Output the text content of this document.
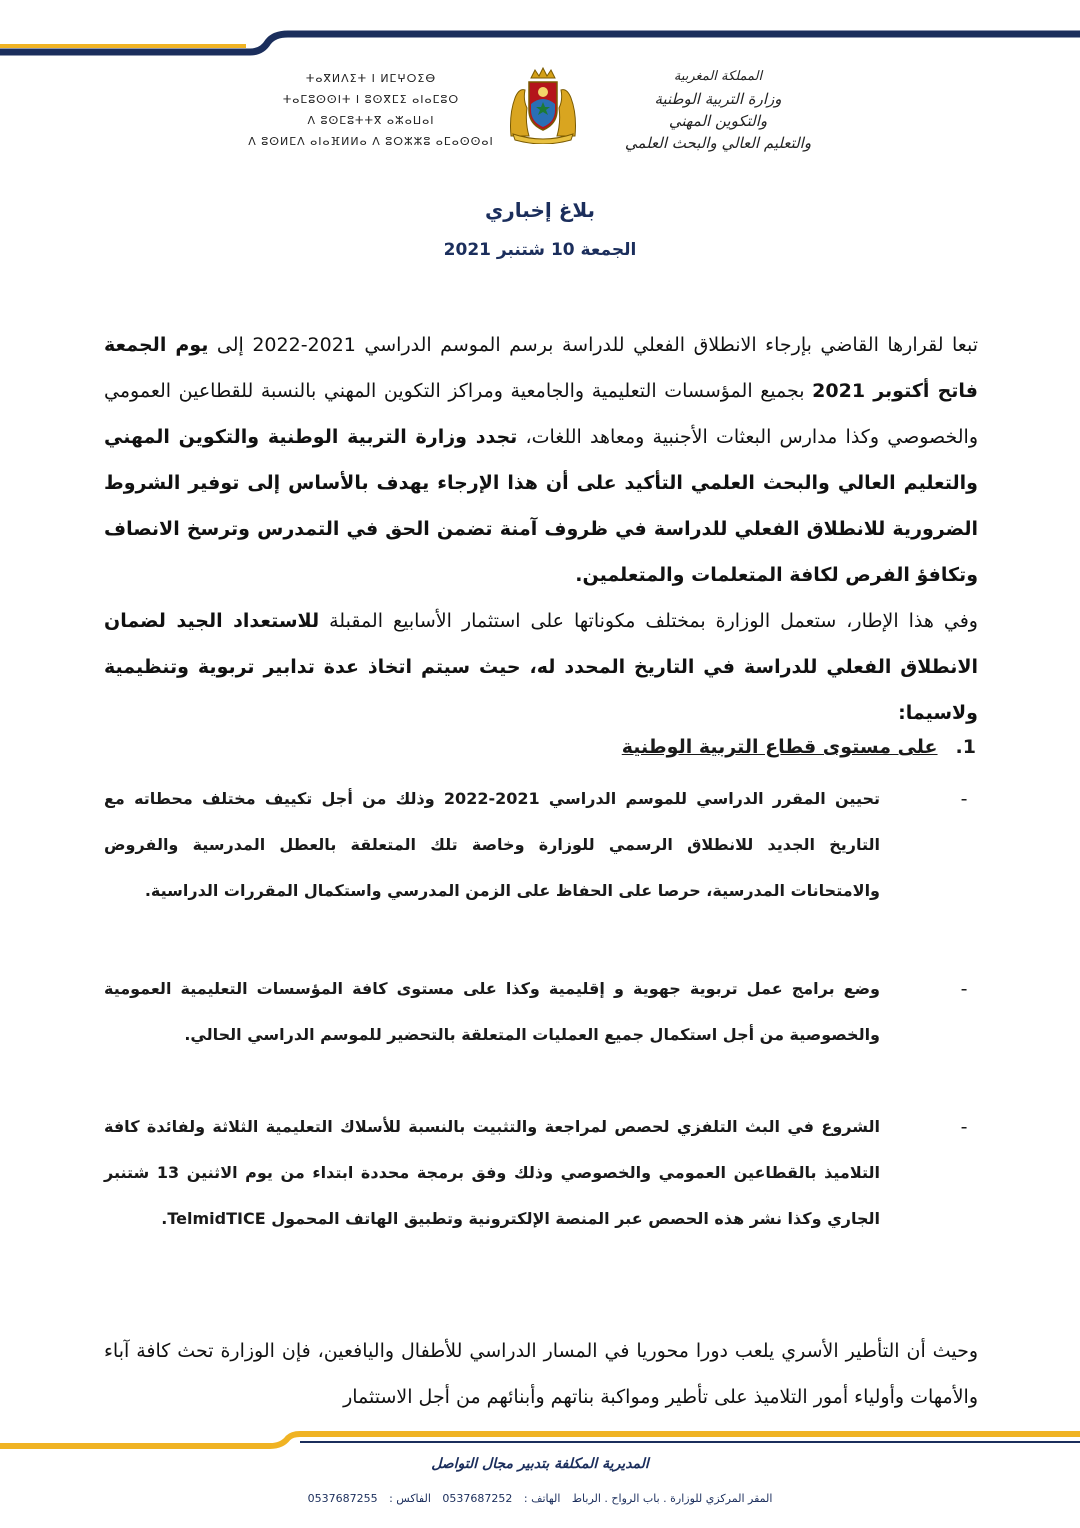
المملكة المغربية
وزارة التربية الوطنية
والتكوين المهني
والتعليم العالي والبحث العلمي
ⵜⴰⴳⵍⴷⵉⵜ ⵏ ⵍⵎⵖⵔⵉⴱ
ⵜⴰⵎⵓⵙⵙⵏⵜ ⵏ ⵓⵙⴳⵎⵉ ⴰⵏⴰⵎⵓⵔ
ⴷ ⵓⵙⵎⵓⵜⵜⴳ ⴰⵣⴰⵡⴰⵏ
ⴷ ⵓⵙⵍⵎⴷ ⴰⵏⴰⴼⵍⵍⴰ ⴷ ⵓⵔⵣⵣⵓ ⴰⵎⴰⵙⵙⴰⵏ
بلاغ إخباري
الجمعة 10 شتنبر 2021

تبعا لقرارها القاضي بإرجاء الانطلاق الفعلي للدراسة برسم الموسم الدراسي 2021-2022 إلى يوم الجمعة فاتح أكتوبر 2021 بجميع المؤسسات التعليمية والجامعية ومراكز التكوين المهني بالنسبة للقطاعين العمومي والخصوصي وكذا مدارس البعثات الأجنبية ومعاهد اللغات، تجدد وزارة التربية الوطنية والتكوين المهني والتعليم العالي والبحث العلمي التأكيد على أن هذا الإرجاء يهدف بالأساس إلى توفير الشروط الضرورية للانطلاق الفعلي للدراسة في ظروف آمنة تضمن الحق في التمدرس وترسخ الانصاف وتكافؤ الفرص لكافة المتعلمات والمتعلمين.

وفي هذا الإطار، ستعمل الوزارة بمختلف مكوناتها على استثمار الأسابيع المقبلة للاستعداد الجيد لضمان الانطلاق الفعلي للدراسة في التاريخ المحدد له، حيث سيتم اتخاذ عدة تدابير تربوية وتنظيمية ولاسيما:

1.على مستوى قطاع التربية الوطنية
-

تحيين المقرر الدراسي للموسم الدراسي 2021-2022 وذلك من أجل تكييف مختلف محطاته مع التاريخ الجديد للانطلاق الرسمي للوزارة وخاصة تلك المتعلقة بالعطل المدرسية والفروض والامتحانات المدرسية، حرصا على الحفاظ على الزمن المدرسي واستكمال المقررات الدراسية.

-

وضع برامج عمل تربوية جهوية و إقليمية وكذا على مستوى كافة المؤسسات التعليمية العمومية والخصوصية من أجل استكمال جميع العمليات المتعلقة بالتحضير للموسم الدراسي الحالي.

-

الشروع في البث التلفزي لحصص لمراجعة والتثبيت بالنسبة للأسلاك التعليمية الثلاثة ولفائدة كافة التلاميذ بالقطاعين العمومي والخصوصي وذلك وفق برمجة محددة ابتداء من يوم الاثنين 13 شتنبر الجاري وكذا نشر هذه الحصص عبر المنصة الإلكترونية وتطبيق الهاتف المحمول TelmidTICE.

وحيث أن التأطير الأسري يلعب دورا محوريا في المسار الدراسي للأطفال واليافعين، فإن الوزارة تحث كافة آباء والأمهات وأولياء أمور التلاميذ على تأطير ومواكبة بناتهم وأبنائهم من أجل الاستثمار

المديرية المكلفة بتدبير مجال التواصل
المقر المركزي للوزارة . باب الرواح . الرباط الهاتف : 0537687252 الفاكس : 0537687255
